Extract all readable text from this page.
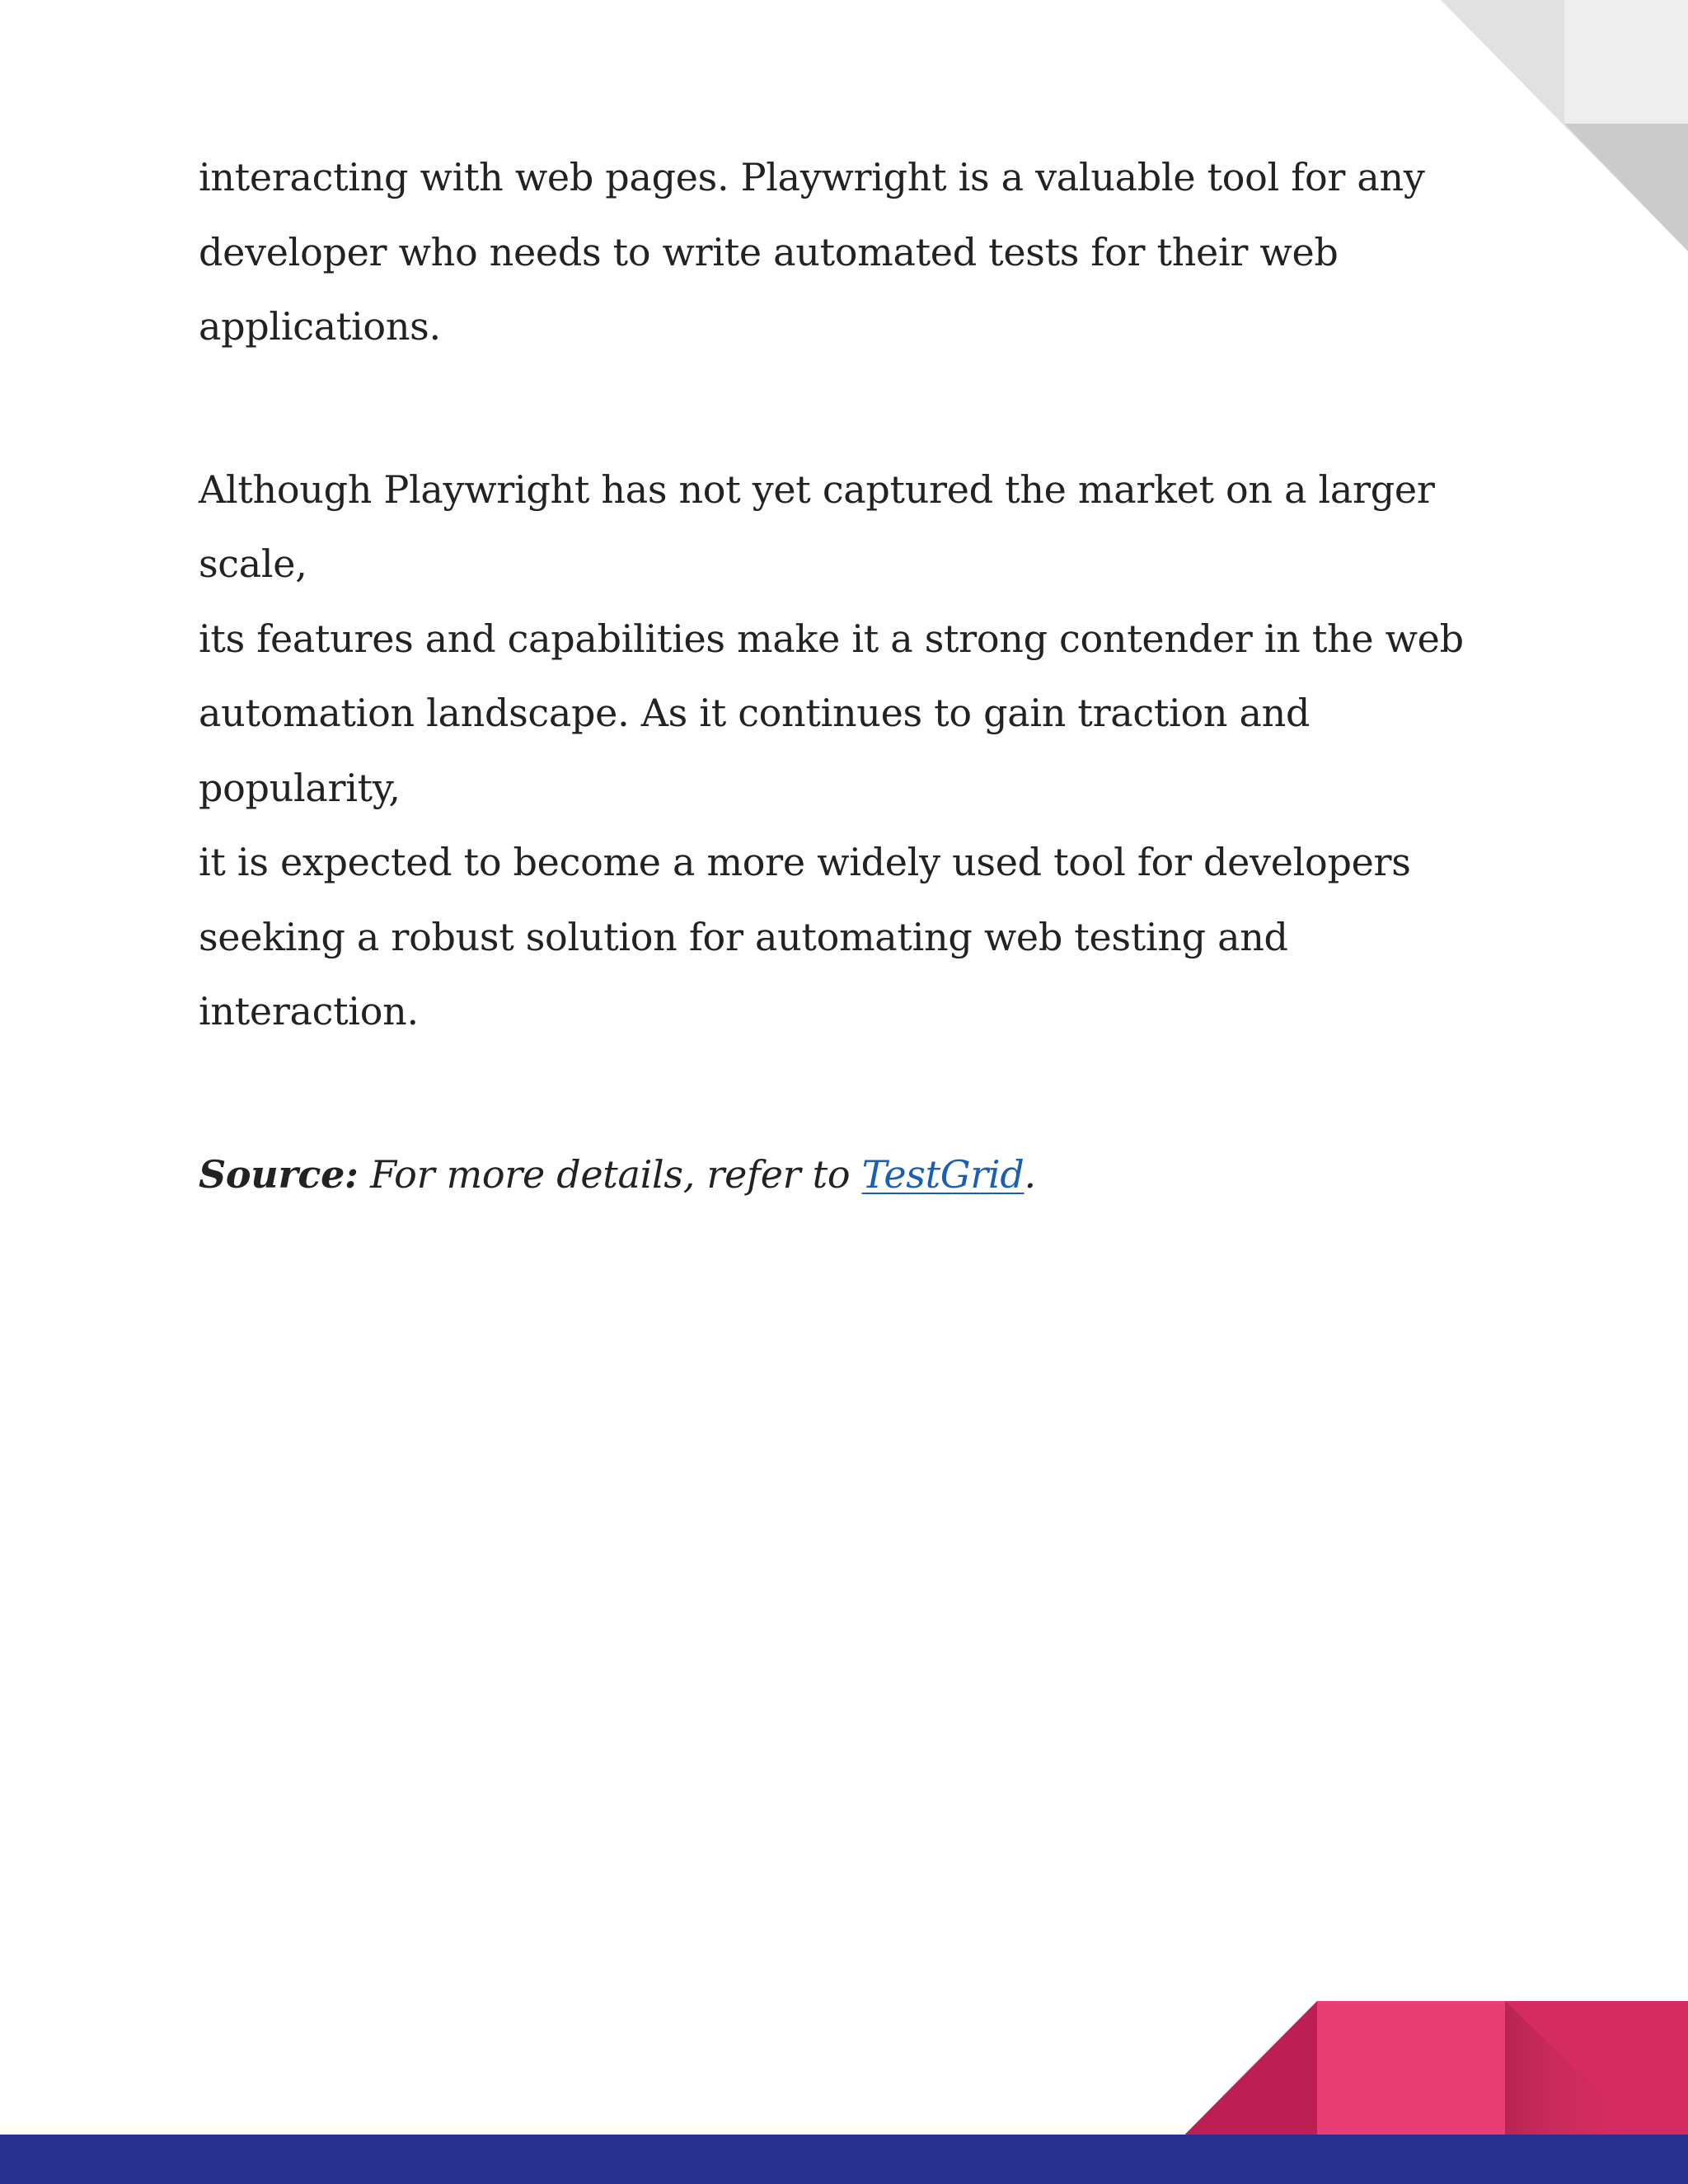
interacting with web pages. Playwright is a valuable tool for any
developer who needs to write automated tests for their web
applications.

Although Playwright has not yet captured the market on a larger scale,
its features and capabilities make it a strong contender in the web
automation landscape. As it continues to gain traction and popularity,
it is expected to become a more widely used tool for developers
seeking a robust solution for automating web testing and interaction.

Source: For more details, refer to TestGrid.
